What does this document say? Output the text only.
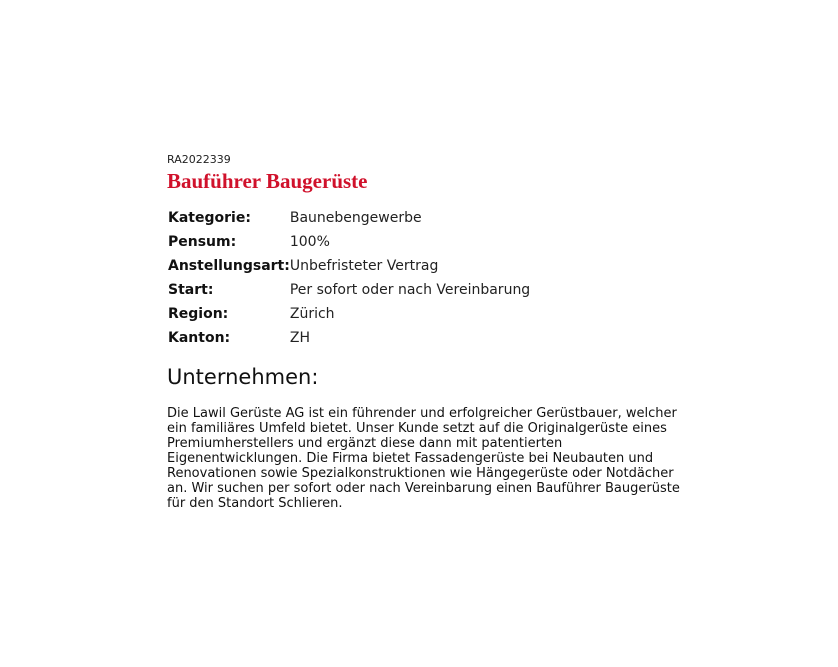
RA2022339

Bauführer Baugerüste
Kategorie:	Baunebengewerbe
Pensum:	100%
Anstellungsart:	Unbefristeter Vertrag
Start:	Per sofort oder nach Vereinbarung
Region:	Zürich
Kanton:	ZH
Unternehmen:

Die Lawil Gerüste AG ist ein führender und erfolgreicher Gerüstbauer, welcher ein familiäres Umfeld bietet. Unser Kunde setzt auf die Originalgerüste eines Premiumherstellers und ergänzt diese dann mit patentierten Eigenentwicklungen. Die Firma bietet Fassadengerüste bei Neubauten und Renovationen sowie Spezialkonstruktionen wie Hängegerüste oder Notdächer an. Wir suchen per sofort oder nach Vereinbarung einen Bauführer Baugerüste für den Standort Schlieren.
